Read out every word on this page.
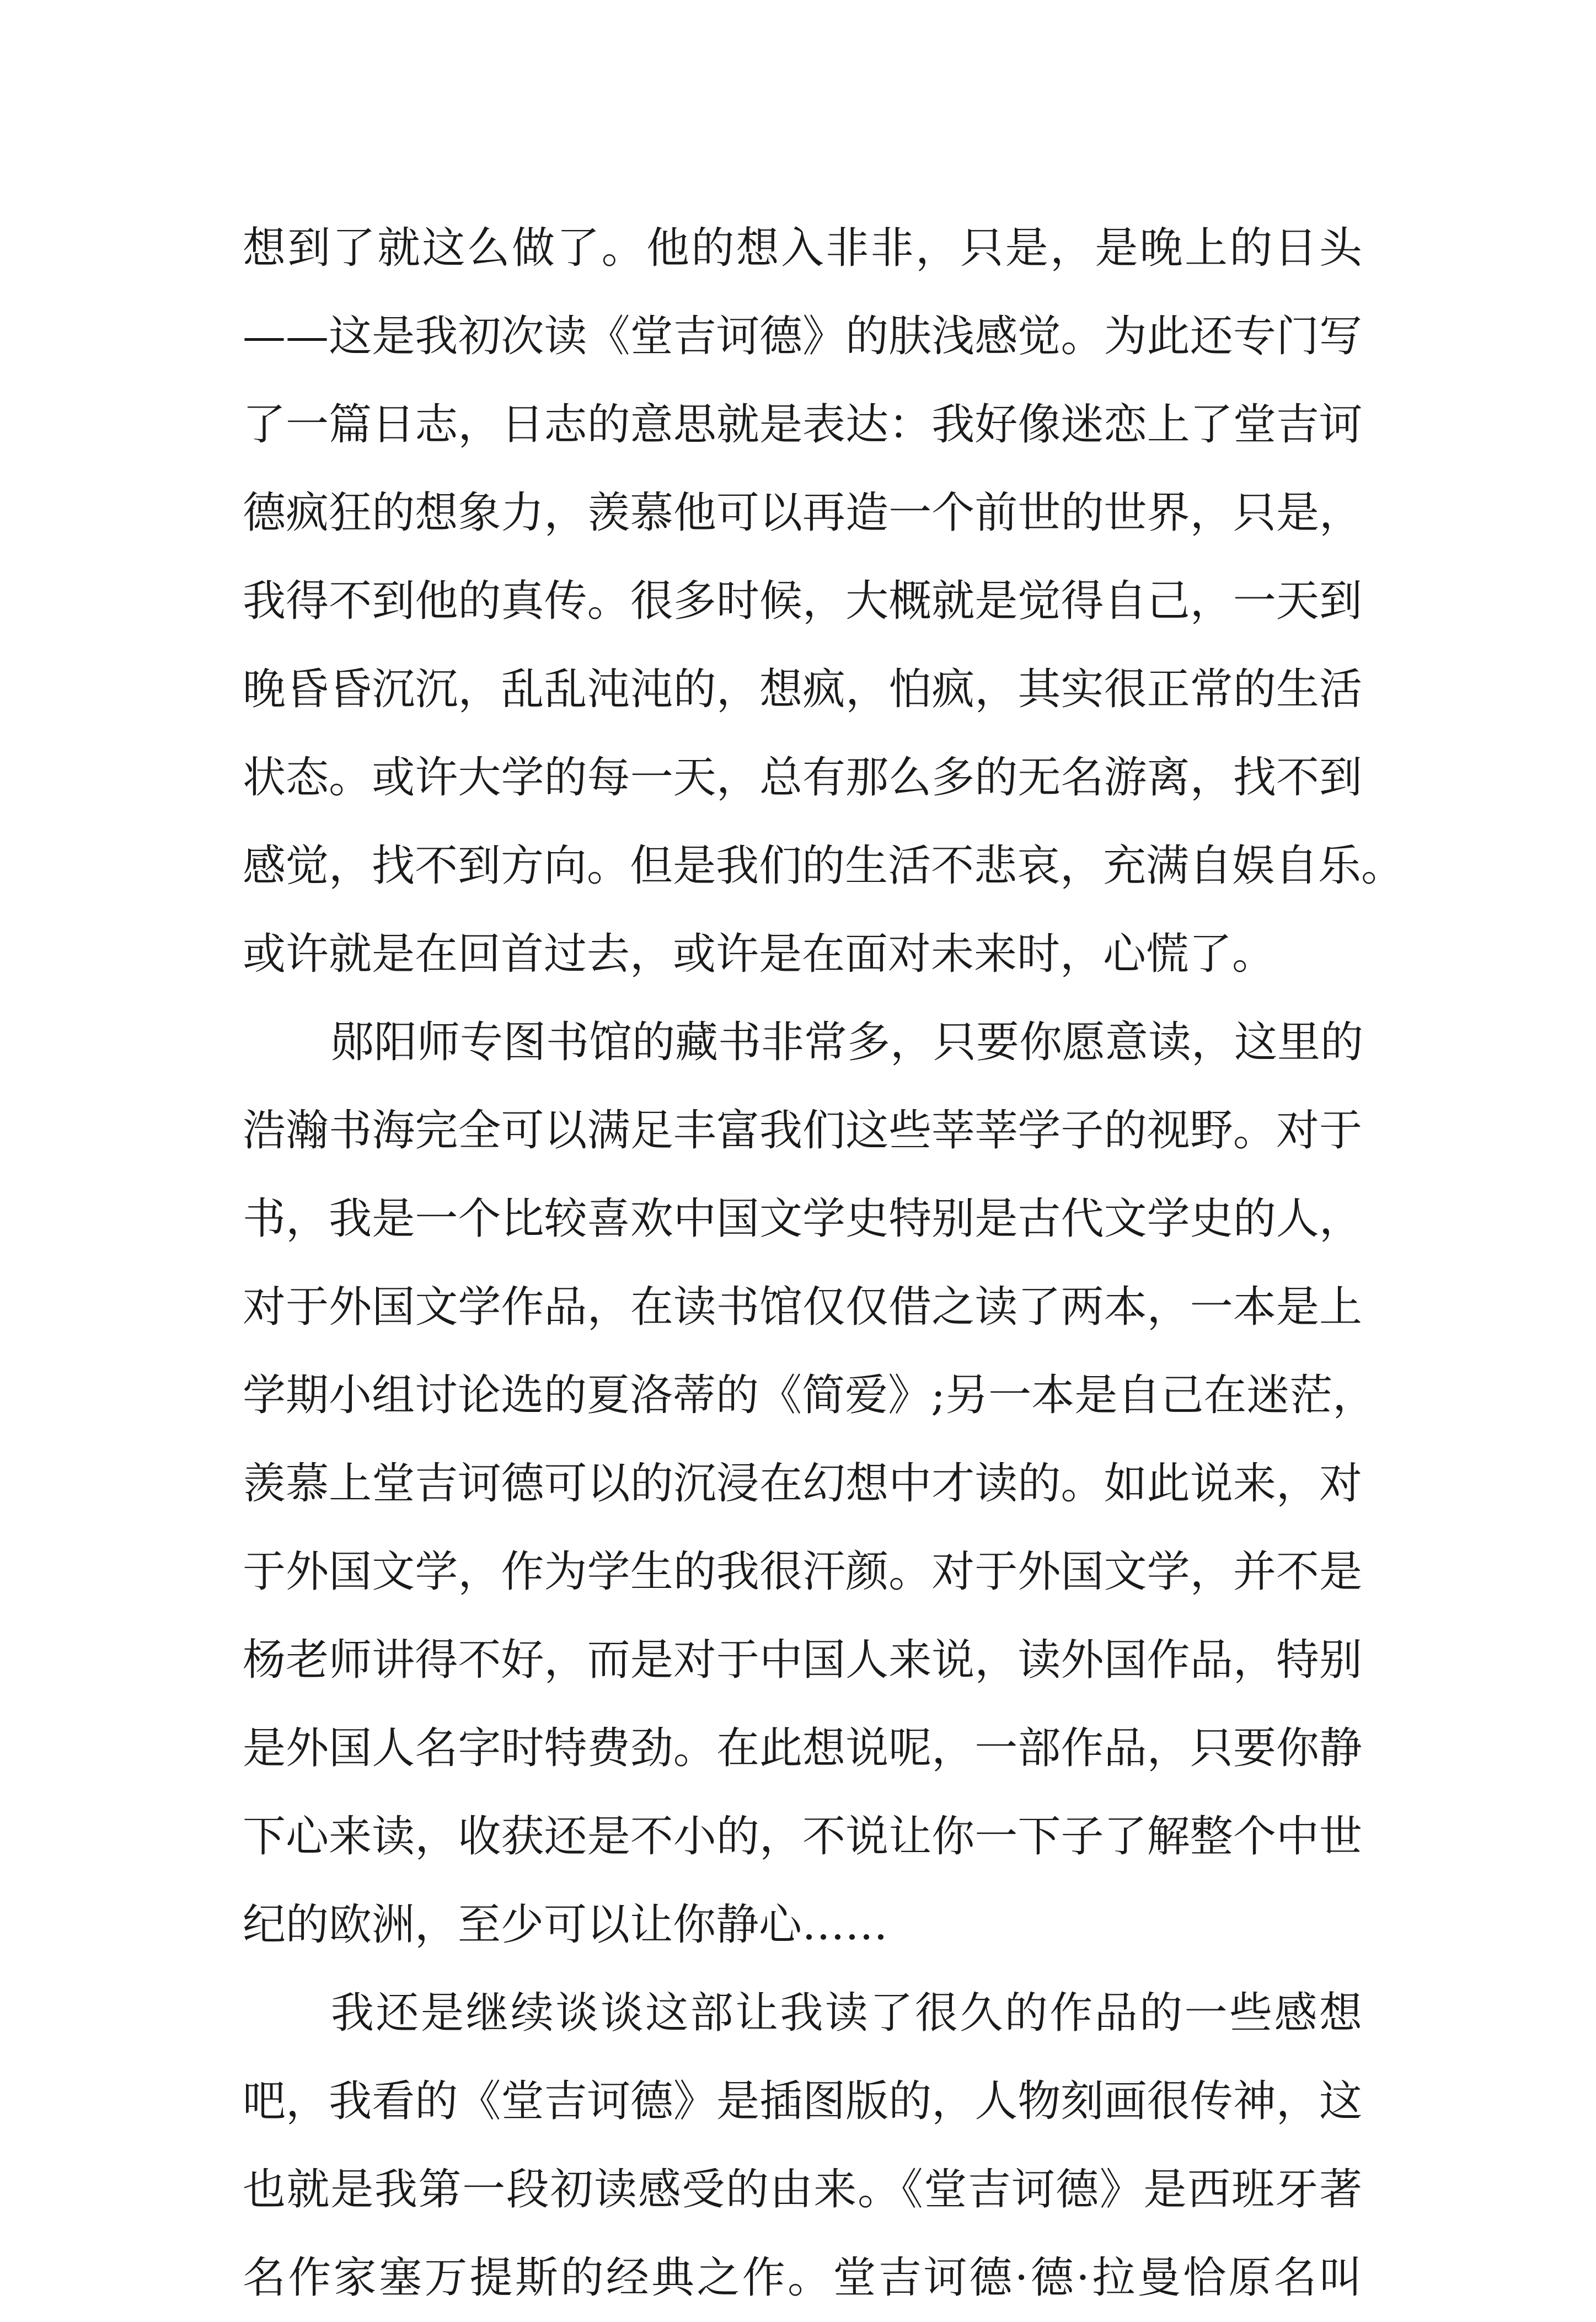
想到了就这么做了。他的想入非非，只是，是晚上的日头
——这是我初次读《堂吉诃德》的肤浅感觉。为此还专门写
了一篇日志，日志的意思就是表达：我好像迷恋上了堂吉诃
德疯狂的想象力，羡慕他可以再造一个前世的世界，只是，
我得不到他的真传。很多时候，大概就是觉得自己，一天到
晚昏昏沉沉，乱乱沌沌的，想疯，怕疯，其实很正常的生活
状态。或许大学的每一天，总有那么多的无名游离，找不到
感觉，找不到方向。但是我们的生活不悲哀，充满自娱自乐。
或许就是在回首过去，或许是在面对未来时，心慌了。
郧阳师专图书馆的藏书非常多，只要你愿意读，这里的
浩瀚书海完全可以满足丰富我们这些莘莘学子的视野。对于
书，我是一个比较喜欢中国文学史特别是古代文学史的人，
对于外国文学作品，在读书馆仅仅借之读了两本，一本是上
学期小组讨论选的夏洛蒂的《简爱》;另一本是自己在迷茫，
羡慕上堂吉诃德可以的沉浸在幻想中才读的。如此说来，对
于外国文学，作为学生的我很汗颜。对于外国文学，并不是
杨老师讲得不好，而是对于中国人来说，读外国作品，特别
是外国人名字时特费劲。在此想说呢，一部作品，只要你静
下心来读，收获还是不小的，不说让你一下子了解整个中世
纪的欧洲，至少可以让你静心……
我还是继续谈谈这部让我读了很久的作品的一些感想
吧，我看的《堂吉诃德》是插图版的，人物刻画很传神，这
也就是我第一段初读感受的由来。《堂吉诃德》是西班牙著
名作家塞万提斯的经典之作。堂吉诃德·德·拉曼恰原名叫
